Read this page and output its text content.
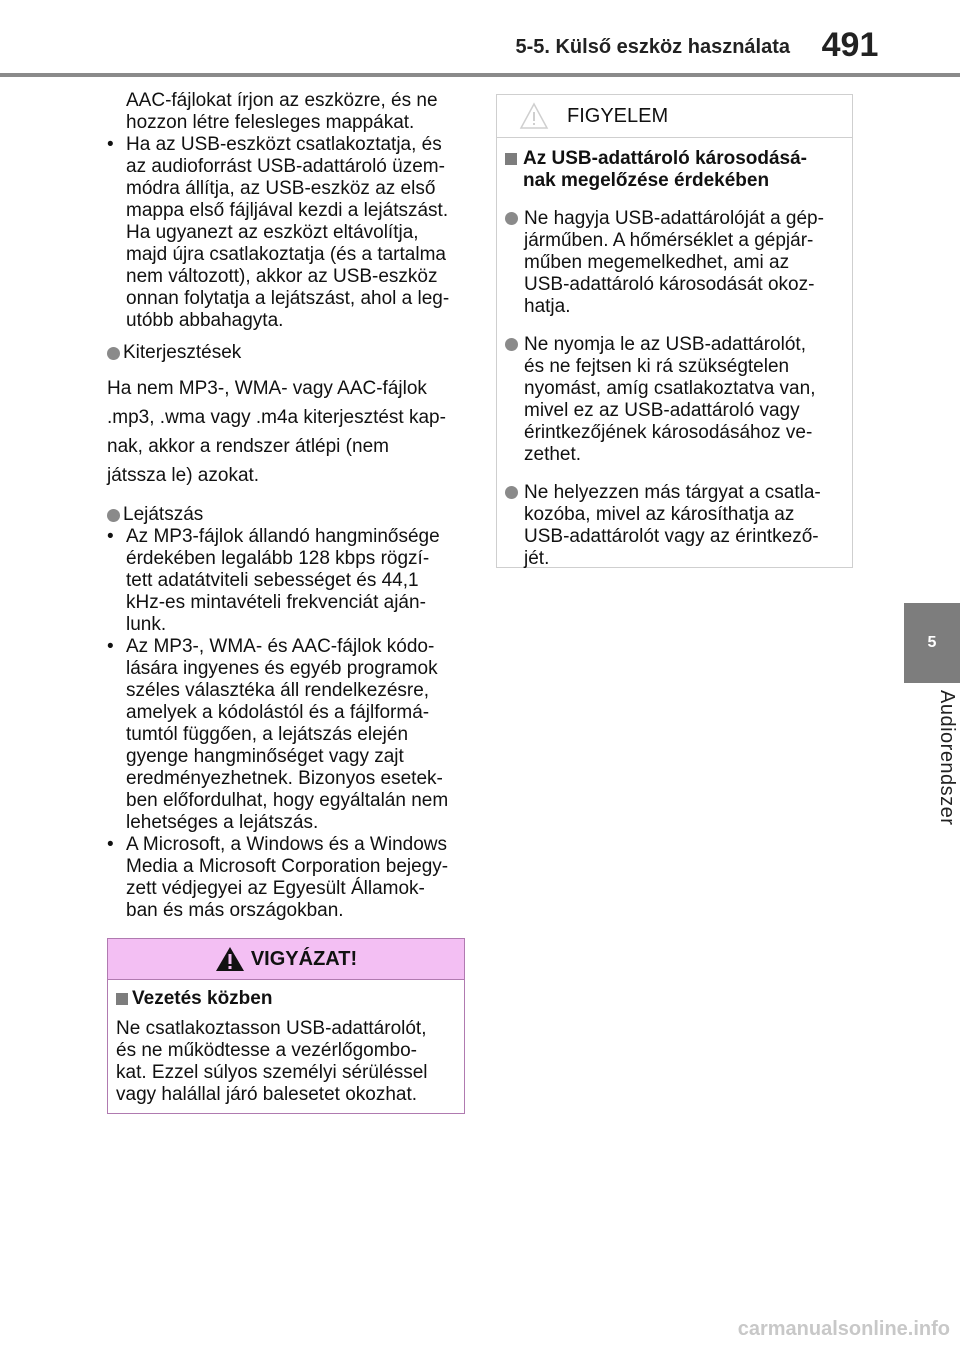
5-5. Külső eszköz használata 491
5
Audiorendszer
AAC-fájlokat írjon az eszközre, és ne
hozzon létre felesleges mappákat.
• Ha az USB-eszközt csatlakoztatja, és
az audioforrást USB-adattároló üzem-
módra állítja, az USB-eszköz az első
mappa első fájljával kezdi a lejátszást.
Ha ugyanezt az eszközt eltávolítja,
majd újra csatlakoztatja (és a tartalma
nem változott), akkor az USB-eszköz
onnan folytatja a lejátszást, ahol a leg-
utóbb abbahagyta.
Kiterjesztések
Ha nem MP3-, WMA- vagy AAC-fájlok
.mp3, .wma vagy .m4a kiterjesztést kap-
nak, akkor a rendszer átlépi (nem
játssza le) azokat.
Lejátszás
• Az MP3-fájlok állandó hangminősége
érdekében legalább 128 kbps rögzí-
tett adatátviteli sebességet és 44,1
kHz-es mintavételi frekvenciát aján-
lunk.
• Az MP3-, WMA- és AAC-fájlok kódo-
lására ingyenes és egyéb programok
széles választéka áll rendelkezésre,
amelyek a kódolástól és a fájlformá-
tumtól függően, a lejátszás elején
gyenge hangminőséget vagy zajt
eredményezhetnek. Bizonyos esetek-
ben előfordulhat, hogy egyáltalán nem
lehetséges a lejátszás.
• A Microsoft, a Windows és a Windows
Media a Microsoft Corporation bejegy-
zett védjegyei az Egyesült Államok-
ban és más országokban.
VIGYÁZAT!
Vezetés közben
Ne csatlakoztasson USB-adattárolót,
és ne működtesse a vezérlőgombo-
kat. Ezzel súlyos személyi sérüléssel
vagy halállal járó balesetet okozhat.
FIGYELEM
Az USB-adattároló károsodásá-
nak megelőzése érdekében
Ne hagyja USB-adattárolóját a gép-
járműben. A hőmérséklet a gépjár-
műben megemelkedhet, ami az
USB-adattároló károsodását okoz-
hatja.
Ne nyomja le az USB-adattárolót,
és ne fejtsen ki rá szükségtelen
nyomást, amíg csatlakoztatva van,
mivel ez az USB-adattároló vagy
érintkezőjének károsodásához ve-
zethet.
Ne helyezzen más tárgyat a csatla-
kozóba, mivel az károsíthatja az
USB-adattárolót vagy az érintkező-
jét.
carmanualsonline.info
